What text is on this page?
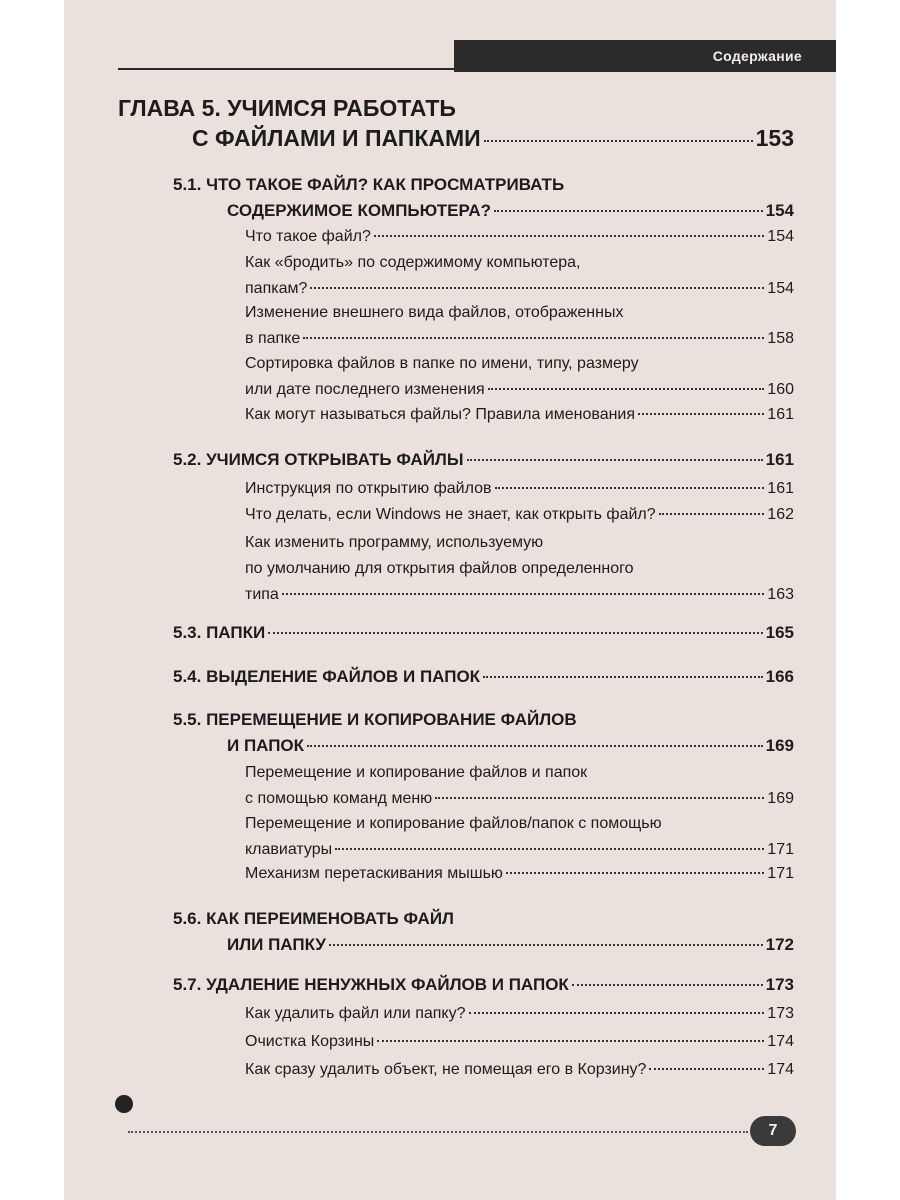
Содержание
ГЛАВА 5. УЧИМСЯ РАБОТАТЬ
С ФАЙЛАМИ И ПАПКАМИ	153
5.1. ЧТО ТАКОЕ ФАЙЛ? КАК ПРОСМАТРИВАТЬ
СОДЕРЖИМОЕ КОМПЬЮТЕРА?	154
Что такое файл?	154
Как «бродить» по содержимому компьютера,
папкам?	154
Изменение внешнего вида файлов, отображенных
в папке	158
Сортировка файлов в папке по имени, типу, размеру
или дате последнего изменения	160
Как могут называться файлы? Правила именования	161
5.2. УЧИМСЯ ОТКРЫВАТЬ ФАЙЛЫ	161
Инструкция по открытию файлов	161
Что делать, если Windows не знает, как открыть файл?	162
Как изменить программу, используемую
по умолчанию для открытия файлов определенного
типа	163
5.3. ПАПКИ	165
5.4. ВЫДЕЛЕНИЕ ФАЙЛОВ И ПАПОК	166
5.5. ПЕРЕМЕЩЕНИЕ И КОПИРОВАНИЕ ФАЙЛОВ
И ПАПОК	169
Перемещение и копирование файлов и папок
с помощью команд меню	169
Перемещение и копирование файлов/папок с помощью
клавиатуры	171
Механизм перетаскивания мышью	171
5.6. КАК ПЕРЕИМЕНОВАТЬ ФАЙЛ
ИЛИ ПАПКУ	172
5.7. УДАЛЕНИЕ НЕНУЖНЫХ ФАЙЛОВ И ПАПОК	173
Как удалить файл или папку?	173
Очистка Корзины	174
Как сразу удалить объект, не помещая его в Корзину?	174
7
